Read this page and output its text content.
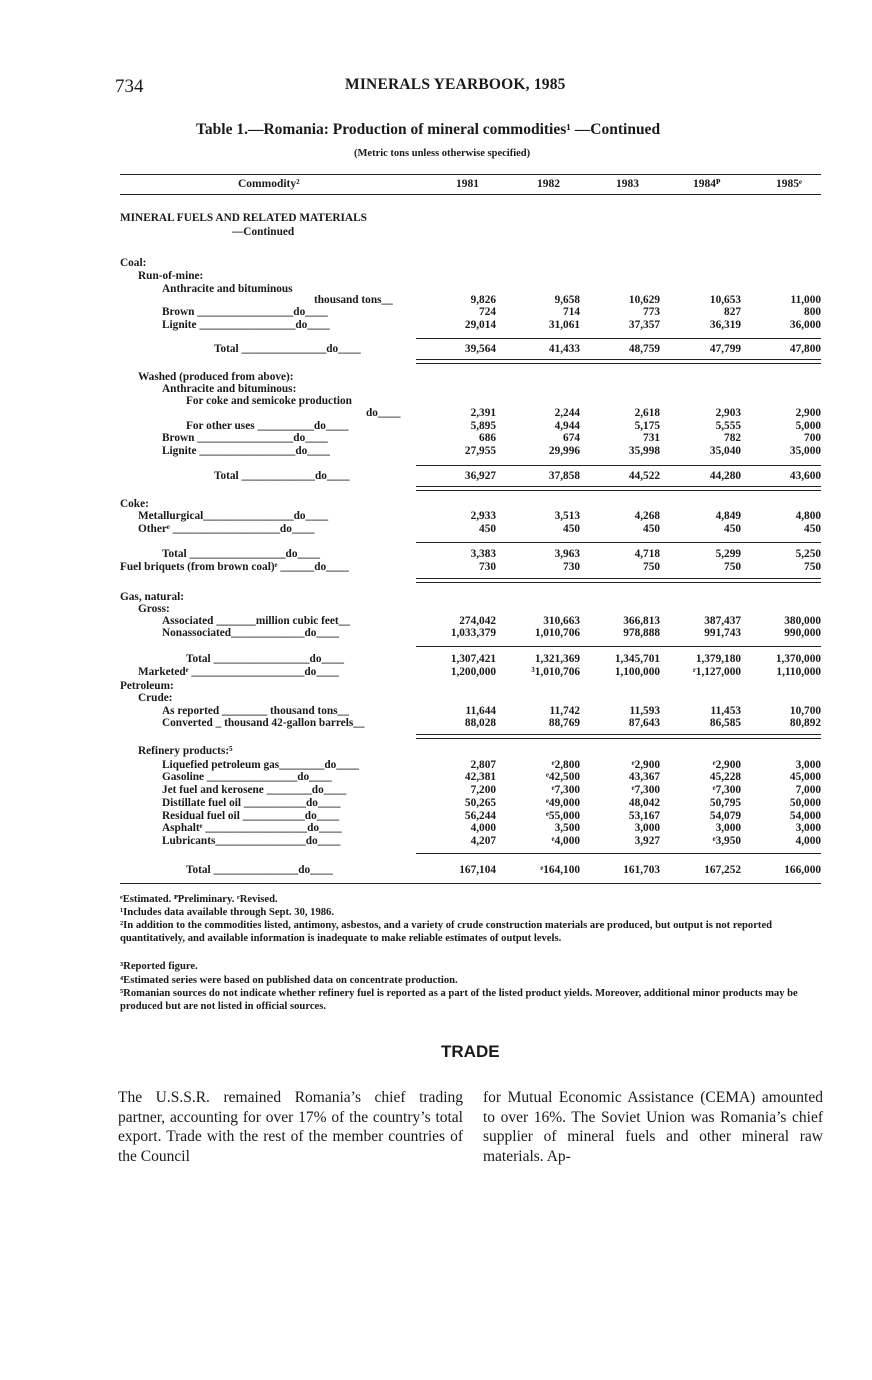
734	MINERALS YEARBOOK, 1985
Table 1.—Romania: Production of mineral commodities¹ —Continued
(Metric tons unless otherwise specified)
Commodity²	1981	1982	1983	1984ᴾ	1985ᵉ
MINERAL FUELS AND RELATED MATERIALS
—Continued
Coal:
Run-of-mine:
Anthracite and bituminous
thousand tons__	9,826	9,658	10,629	10,653	11,000
Brown _________________do____	724	714	773	827	800
Lignite _________________do____	29,014	31,061	37,357	36,319	36,000
Total _______________do____	39,564	41,433	48,759	47,799	47,800
Washed (produced from above):
Anthracite and bituminous:
For coke and semicoke production
do____	2,391	2,244	2,618	2,903	2,900
For other uses __________do____	5,895	4,944	5,175	5,555	5,000
Brown _________________do____	686	674	731	782	700
Lignite _________________do____	27,955	29,996	35,998	35,040	35,000
Total _____________do____	36,927	37,858	44,522	44,280	43,600
Coke:
Metallurgical________________do____	2,933	3,513	4,268	4,849	4,800
Otherᵉ ___________________do____	450	450	450	450	450
Total _________________do____	3,383	3,963	4,718	5,299	5,250
Fuel briquets (from brown coal)ᵉ ______do____	730	730	750	750	750
Gas, natural:
Gross:
Associated _______million cubic feet__	274,042	310,663	366,813	387,437	380,000
Nonassociated_____________do____	1,033,379	1,010,706	978,888	991,743	990,000
Total _________________do____	1,307,421	1,321,369	1,345,701	1,379,180	1,370,000
Marketedᵉ ____________________do____	1,200,000	³1,010,706	1,100,000	ʳ1,127,000	1,110,000
Petroleum:
Crude:
As reported ________ thousand tons__	11,644	11,742	11,593	11,453	10,700
Converted _ thousand 42-gallon barrels__	88,028	88,769	87,643	86,585	80,892
Refinery products:⁵
Liquefied petroleum gas________do____	2,807	ᵉ2,800	ᵉ2,900	ᵉ2,900	3,000
Gasoline ________________do____	42,381	ᵉ42,500	43,367	45,228	45,000
Jet fuel and kerosene ________do____	7,200	ᵉ7,300	ᵉ7,300	ᵉ7,300	7,000
Distillate fuel oil ___________do____	50,265	ᵉ49,000	48,042	50,795	50,000
Residual fuel oil ___________do____	56,244	ᵉ55,000	53,167	54,079	54,000
Asphaltᵉ __________________do____	4,000	3,500	3,000	3,000	3,000
Lubricants________________do____	4,207	ᵉ4,000	3,927	ᵉ3,950	4,000
Total _______________do____	167,104	ᵉ164,100	161,703	167,252	166,000
ᵉEstimated. ᴾPreliminary. ʳRevised.
¹Includes data available through Sept. 30, 1986.
²In addition to the commodities listed, antimony, asbestos, and a variety of crude construction materials are produced, but output is not reported quantitatively, and available information is inadequate to make reliable estimates of output levels.
³Reported figure.
⁴Estimated series were based on published data on concentrate production.
⁵Romanian sources do not indicate whether refinery fuel is reported as a part of the listed product yields. Moreover, additional minor products may be produced but are not listed in official sources.
TRADE
The U.S.S.R. remained Romania’s chief trading partner, accounting for over 17% of the country’s total export. Trade with the rest of the member countries of the Council
for Mutual Economic Assistance (CEMA) amounted to over 16%. The Soviet Union was Romania’s chief supplier of mineral fuels and other mineral raw materials. Ap-
